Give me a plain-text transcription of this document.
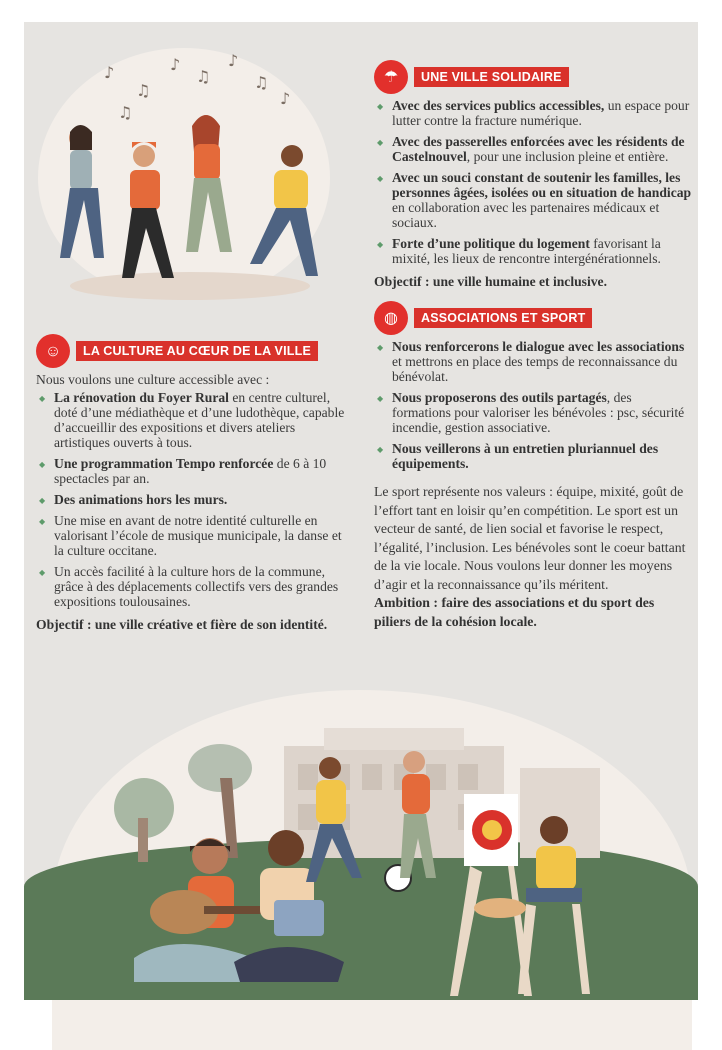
♪
♫
♪
♫
♪
♫
♪
♫
☂	UNE VILLE SOLIDAIRE
◆ Avec des services publics accessibles, un espace pour lutter contre la fracture numérique.
◆ Avec des passerelles enforcées avec les résidents de Castelnouvel, pour une inclusion pleine et entière.
◆ Avec un souci constant de soutenir les familles, les personnes âgées, isolées ou en situation de handicap en collaboration avec les partenaires médicaux et sociaux.
◆ Forte d’une politique du logement favorisant la mixité, les lieux de rencontre intergénérationnels.
Objectif : une ville humaine et inclusive.
◍	ASSOCIATIONS ET SPORT
◆ Nous renforcerons le dialogue avec les associations et mettrons en place des temps de reconnaissance du bénévolat.
◆ Nous proposerons des outils partagés, des formations pour valoriser les bénévoles : psc, sécurité incendie, gestion associative.
◆ Nous veillerons à un entretien pluriannuel des équipements.
Le sport représente nos valeurs : équipe, mixité, goût de l’effort tant en loisir qu’en compétition. Le sport est un vecteur de santé, de lien social et favorise le respect, l’égalité, l’inclusion. Les bénévoles sont le coeur battant de la vie locale. Nous voulons leur donner les moyens d’agir et la reconnaissance qu’ils méritent.
Ambition : faire des associations et du sport des piliers de la cohésion locale.
☺	LA CULTURE AU CŒUR DE LA VILLE

Nous voulons une culture accessible avec :

◆ La rénovation du Foyer Rural en centre culturel, doté d’une médiathèque et d’une ludothèque, capable d’accueillir des expositions et divers ateliers artistiques ouverts à tous.
◆ Une programmation Tempo renforcée de 6 à 10 spectacles par an.
◆ Des animations hors les murs.
◆ Une mise en avant de notre identité culturelle en valorisant l’école de musique municipale, la danse et la culture occitane.
◆ Un accès facilité à la culture hors de la commune, grâce à des déplacements collectifs vers des grandes expositions toulousaines.
Objectif : une ville créative et fière de son identité.
